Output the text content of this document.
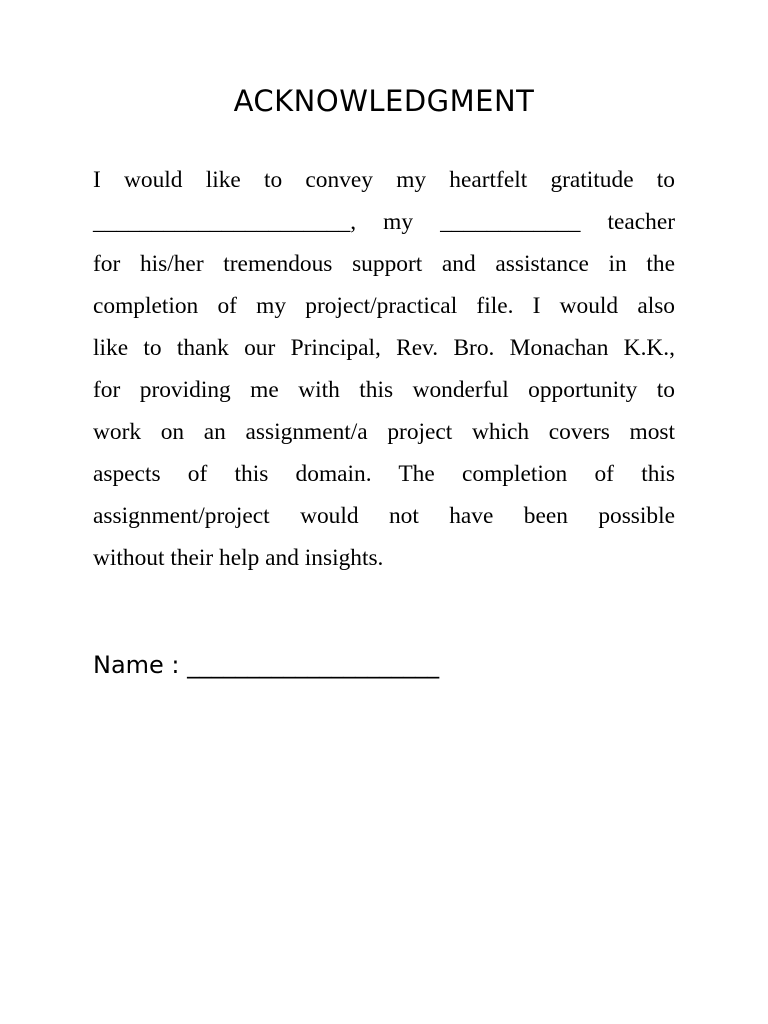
ACKNOWLEDGMENT
I would like to convey my heartfelt gratitude to
______________________, my ____________ teacher
for his/her tremendous support and assistance in the
completion of my project/practical file. I would also
like to thank our Principal, Rev. Bro. Monachan K.K.,
for providing me with this wonderful opportunity to
work on an assignment/a project which covers most
aspects of this domain. The completion of this
assignment/project would not have been possible
without their help and insights.
Name : _____________________
